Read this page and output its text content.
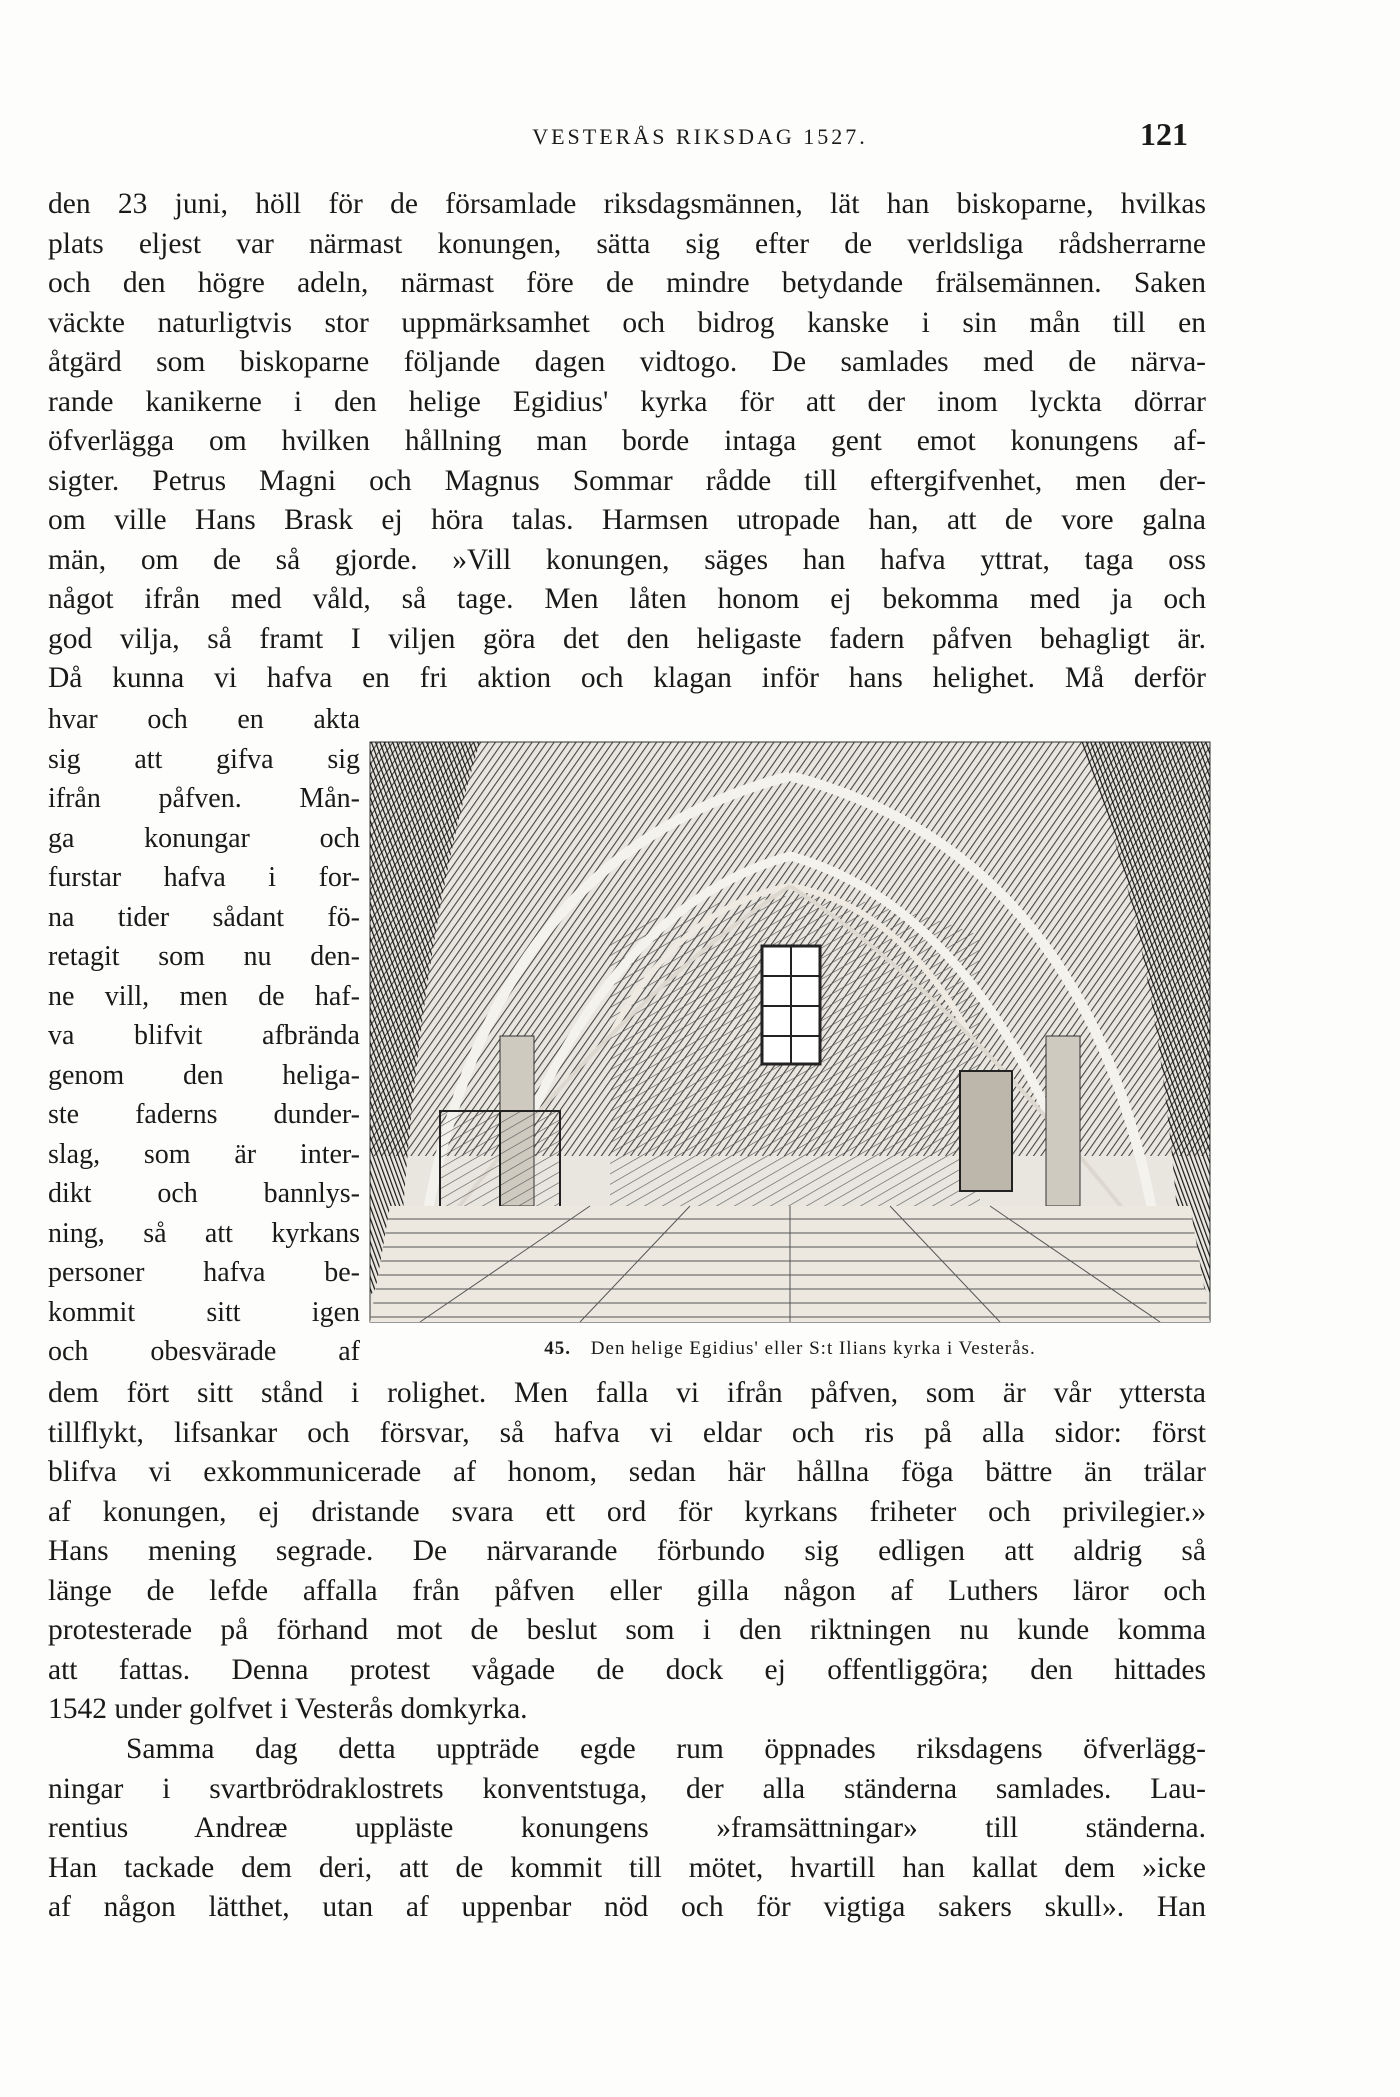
VESTERÅS RIKSDAG 1527.	121
den 23 juni, höll för de församlade riksdagsmännen, lät han biskoparne, hvilkas
plats eljest var närmast konungen, sätta sig efter de verldsliga rådsherrarne
och den högre adeln, närmast före de mindre betydande frälsemännen. Saken
väckte naturligtvis stor uppmärksamhet och bidrog kanske i sin mån till en
åtgärd som biskoparne följande dagen vidtogo. De samlades med de närva-
rande kanikerne i den helige Egidius' kyrka för att der inom lyckta dörrar
öfverlägga om hvilken hållning man borde intaga gent emot konungens af-
sigter. Petrus Magni och Magnus Sommar rådde till eftergifvenhet, men der-
om ville Hans Brask ej höra talas. Harmsen utropade han, att de vore galna
män, om de så gjorde. »Vill konungen, säges han hafva yttrat, taga oss
något ifrån med våld, så tage. Men låten honom ej bekomma med ja och
god vilja, så framt I viljen göra det den heligaste fadern påfven behagligt är.
Då kunna vi hafva en fri aktion och klagan inför hans helighet. Må derför
hvar och en akta
sig att gifva sig
ifrån påfven. Mån-
ga konungar och
furstar hafva i for-
na tider sådant fö-
retagit som nu den-
ne vill, men de haf-
va blifvit afbrända
genom den heliga-
ste faderns dunder-
slag, som är inter-
dikt och bannlys-
ning, så att kyrkans
personer hafva be-
kommit sitt igen
och obesvärade af	45. Den helige Egidius' eller S:t Ilians kyrka i Vesterås.
dem fört sitt stånd i rolighet. Men falla vi ifrån påfven, som är vår yttersta
tillflykt, lifsankar och försvar, så hafva vi eldar och ris på alla sidor: först
blifva vi exkommunicerade af honom, sedan här hållna föga bättre än trälar
af konungen, ej dristande svara ett ord för kyrkans friheter och privilegier.»
Hans mening segrade. De närvarande förbundo sig edligen att aldrig så
länge de lefde affalla från påfven eller gilla någon af Luthers läror och
protesterade på förhand mot de beslut som i den riktningen nu kunde komma
att fattas. Denna protest vågade de dock ej offentliggöra; den hittades
1542 under golfvet i Vesterås domkyrka.
Samma dag detta uppträde egde rum öppnades riksdagens öfverlägg-
ningar i svartbrödraklostrets konventstuga, der alla ständerna samlades. Lau-
rentius Andreæ uppläste konungens »framsättningar» till ständerna.
Han tackade dem deri, att de kommit till mötet, hvartill han kallat dem »icke
af någon lätthet, utan af uppenbar nöd och för vigtiga sakers skull». Han
